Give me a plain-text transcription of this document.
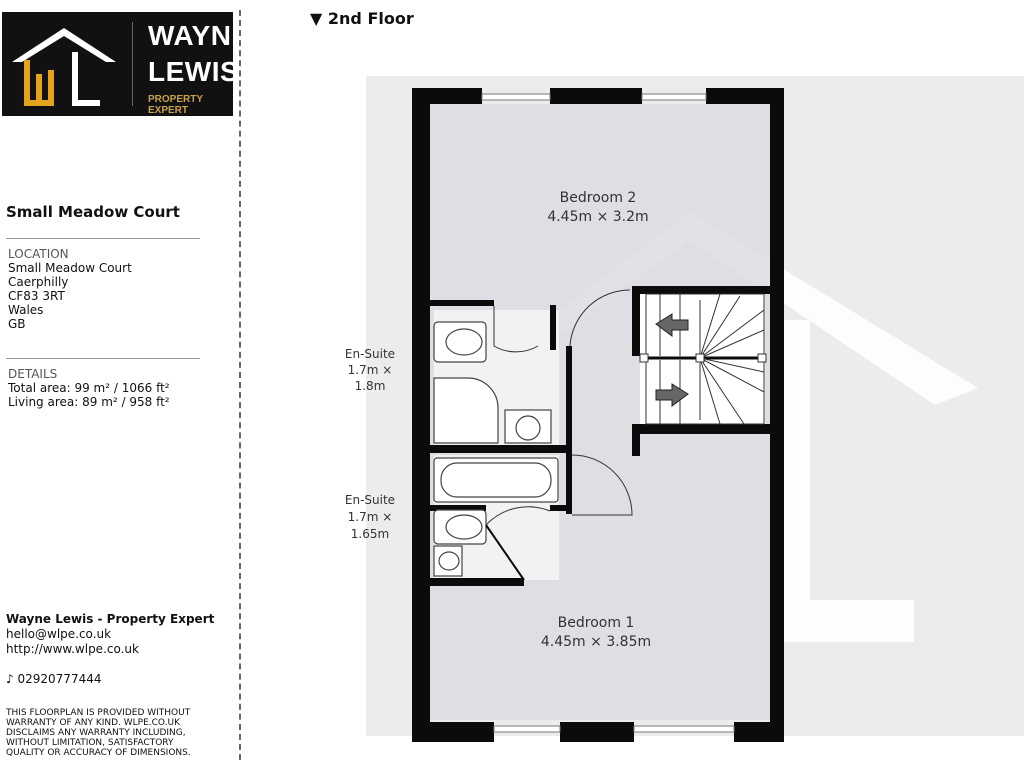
WAYNE
LEWIS
PROPERTY EXPERT
Small Meadow Court
LOCATION
Small Meadow Court
Caerphilly
CF83 3RT
Wales
GB
DETAILS
Total area: 99 m² / 1066 ft²
Living area: 89 m² / 958 ft²
Wayne Lewis - Property Expert
hello@wlpe.co.uk
http://www.wlpe.co.uk
♪ 02920777444
THIS FLOORPLAN IS PROVIDED WITHOUT
WARRANTY OF ANY KIND. WLPE.CO.UK
DISCLAIMS ANY WARRANTY INCLUDING,
WITHOUT LIMITATION, SATISFACTORY
QUALITY OR ACCURACY OF DIMENSIONS.
▼ 2nd Floor
Bedroom 2
4.45m × 3.2m
En-Suite
1.7m ×
1.8m
En-Suite
1.7m ×
1.65m
Bedroom 1
4.45m × 3.85m
